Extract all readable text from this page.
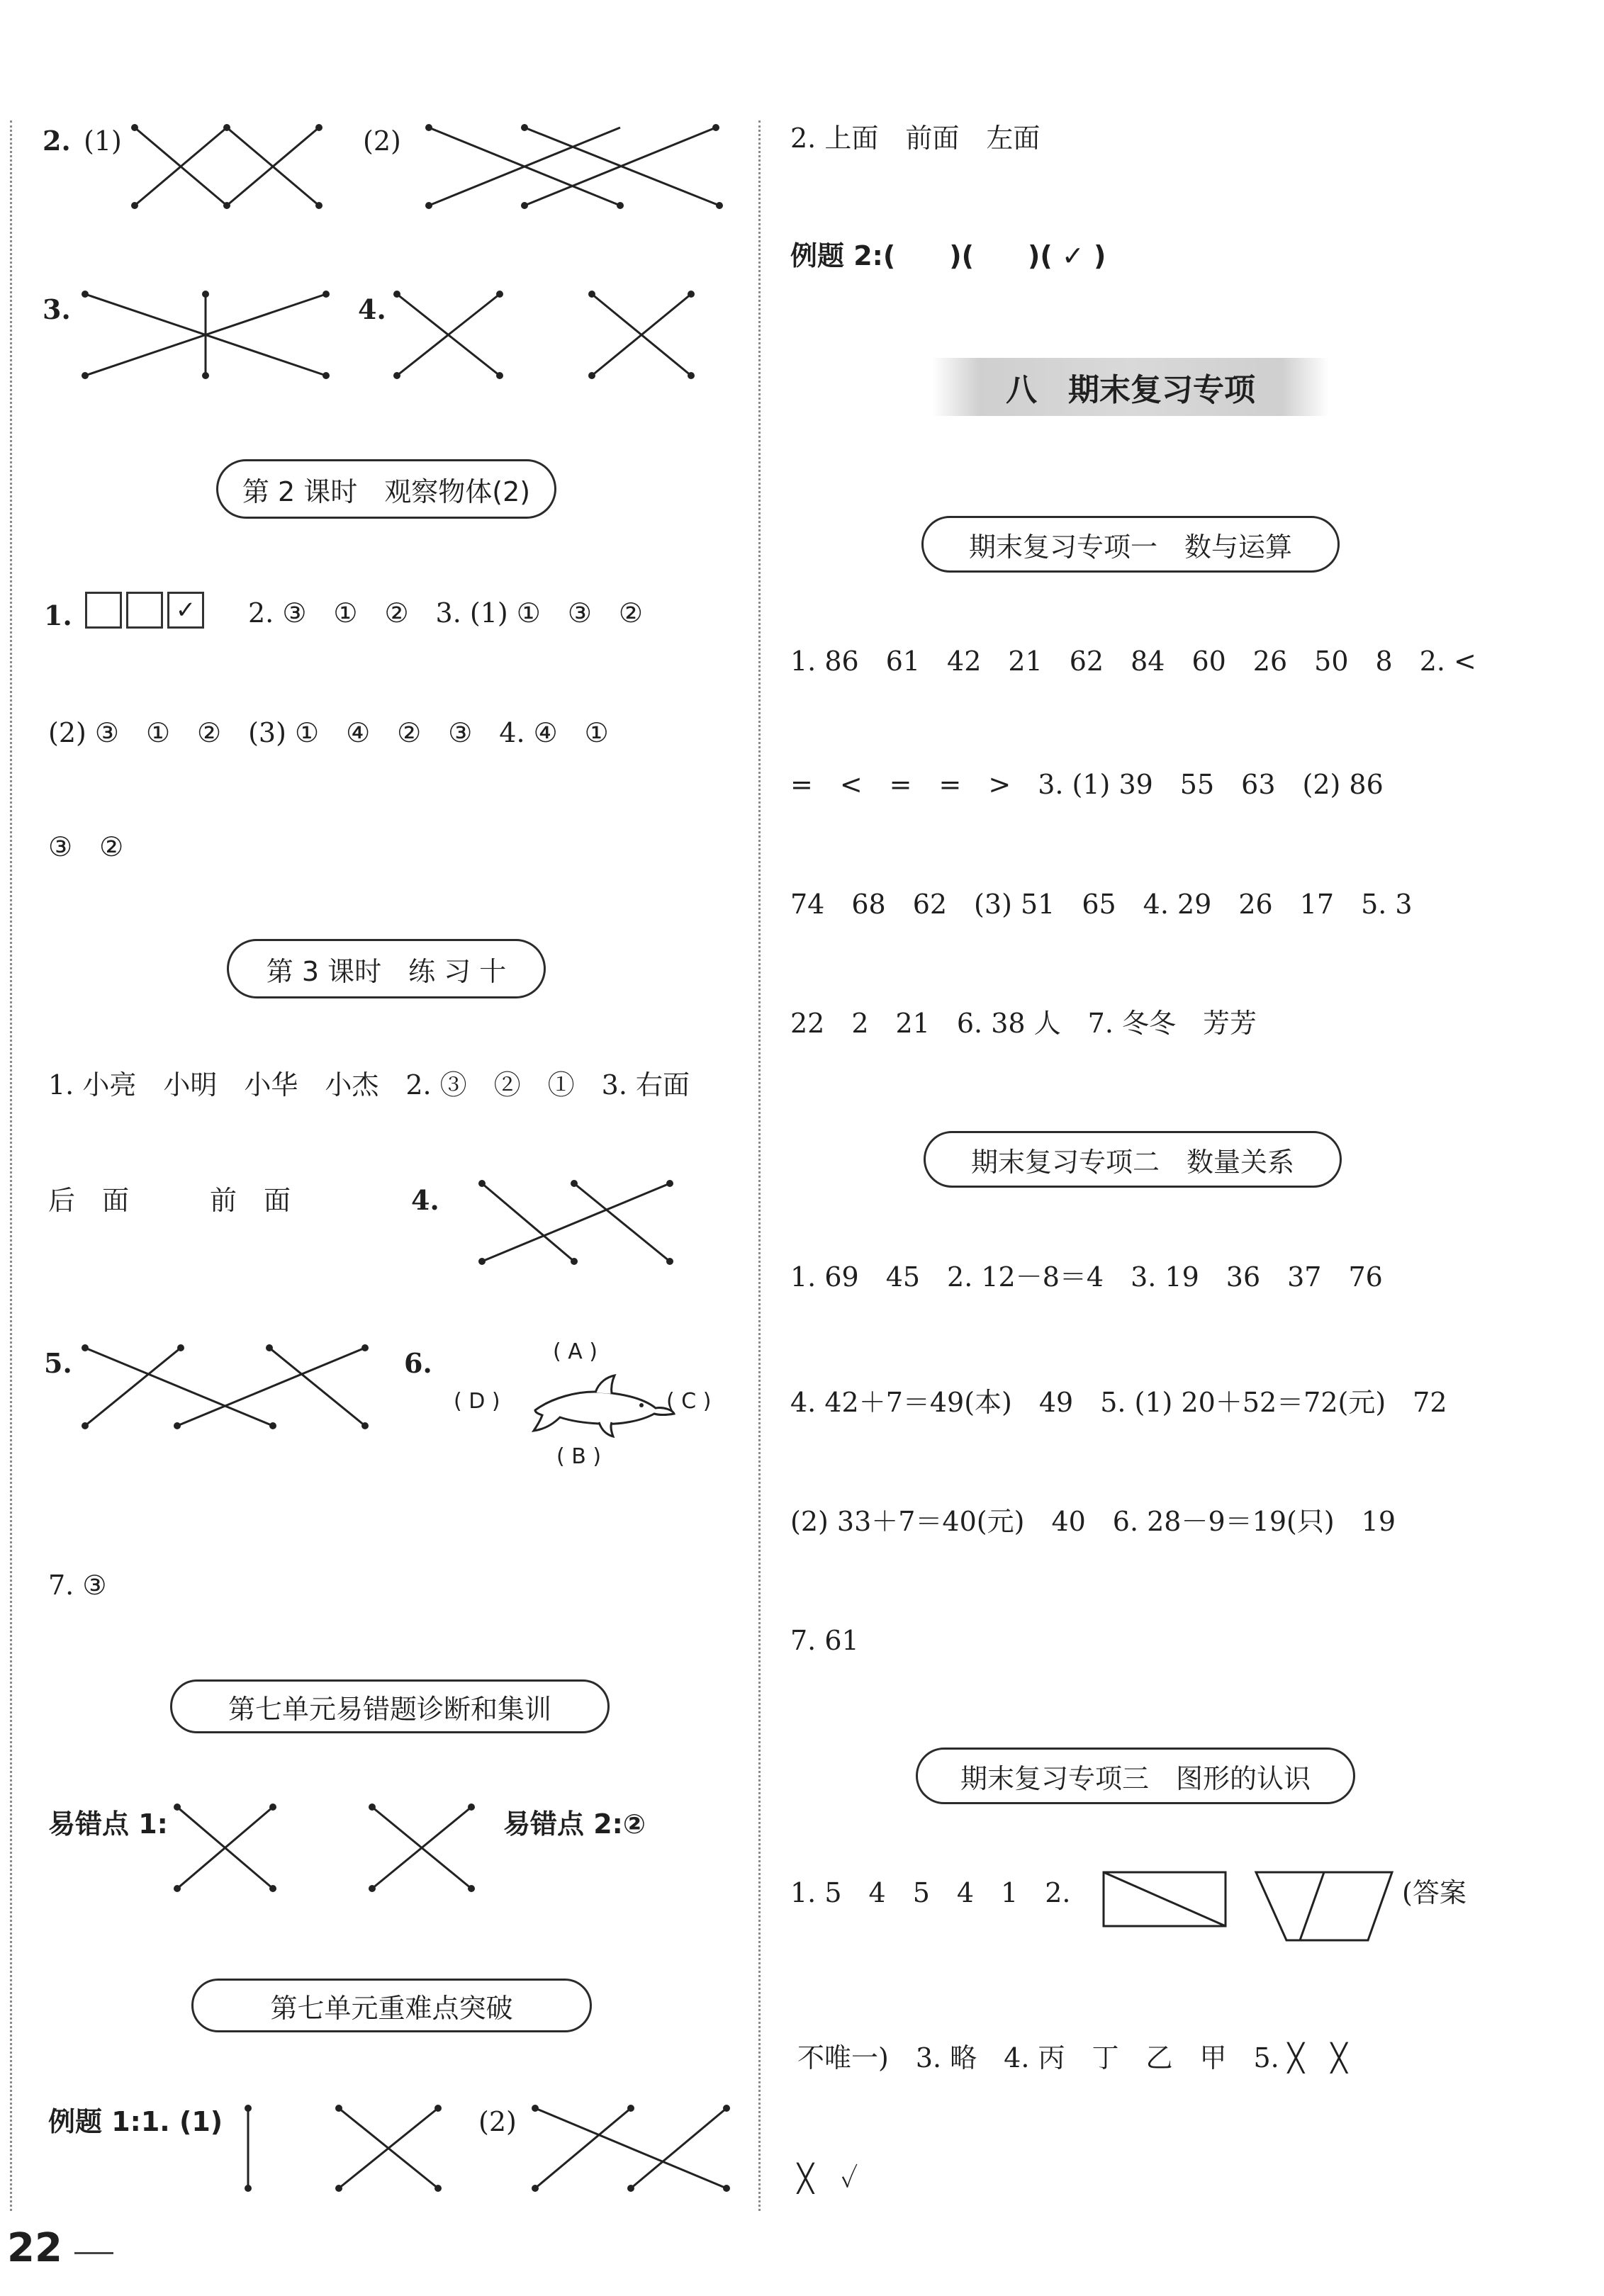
2. (1)	(2)
3.	4.
第 2 课时　观察物体(2)
1.	✓	2. ③　①　②　3. (1) ①　③　②
(2) ③　①　②　(3) ①　④　②　③　4. ④　①
③　②
第 3 课时　练 习 十
1. 小亮　小明　小华　小杰　2. ③　②　①　3. 右面
后　面　　　前　面	4.
5.	6.	( A )
( D )	( C )
( B )
7. ③
第七单元易错题诊断和集训
易错点 1:	易错点 2:②
第七单元重难点突破
例题 1:1. (1)	(2)
2. 上面　前面　左面
例题 2:(　　)(　　)( ✓ )
八　期末复习专项
期末复习专项一　数与运算
1. 86　61　42　21　62　84　60　26　50　8　2. <
=　<　=　=　>　3. (1) 39　55　63　(2) 86
74　68　62　(3) 51　65　4. 29　26　17　5. 3
22　2　21　6. 38 人　7. 冬冬　芳芳
期末复习专项二　数量关系
1. 69　45　2. 12－8＝4　3. 19　36　37　76
4. 42＋7＝49(本)　49　5. (1) 20＋52＝72(元)　72
(2) 33＋7＝40(元)　40　6. 28－9＝19(只)　19
7. 61
期末复习专项三　图形的认识
1. 5　4　5　4　1　2.	(答案
不唯一)　3. 略　4. 丙　丁　乙　甲　5. ╳　╳
╳　✓
22
